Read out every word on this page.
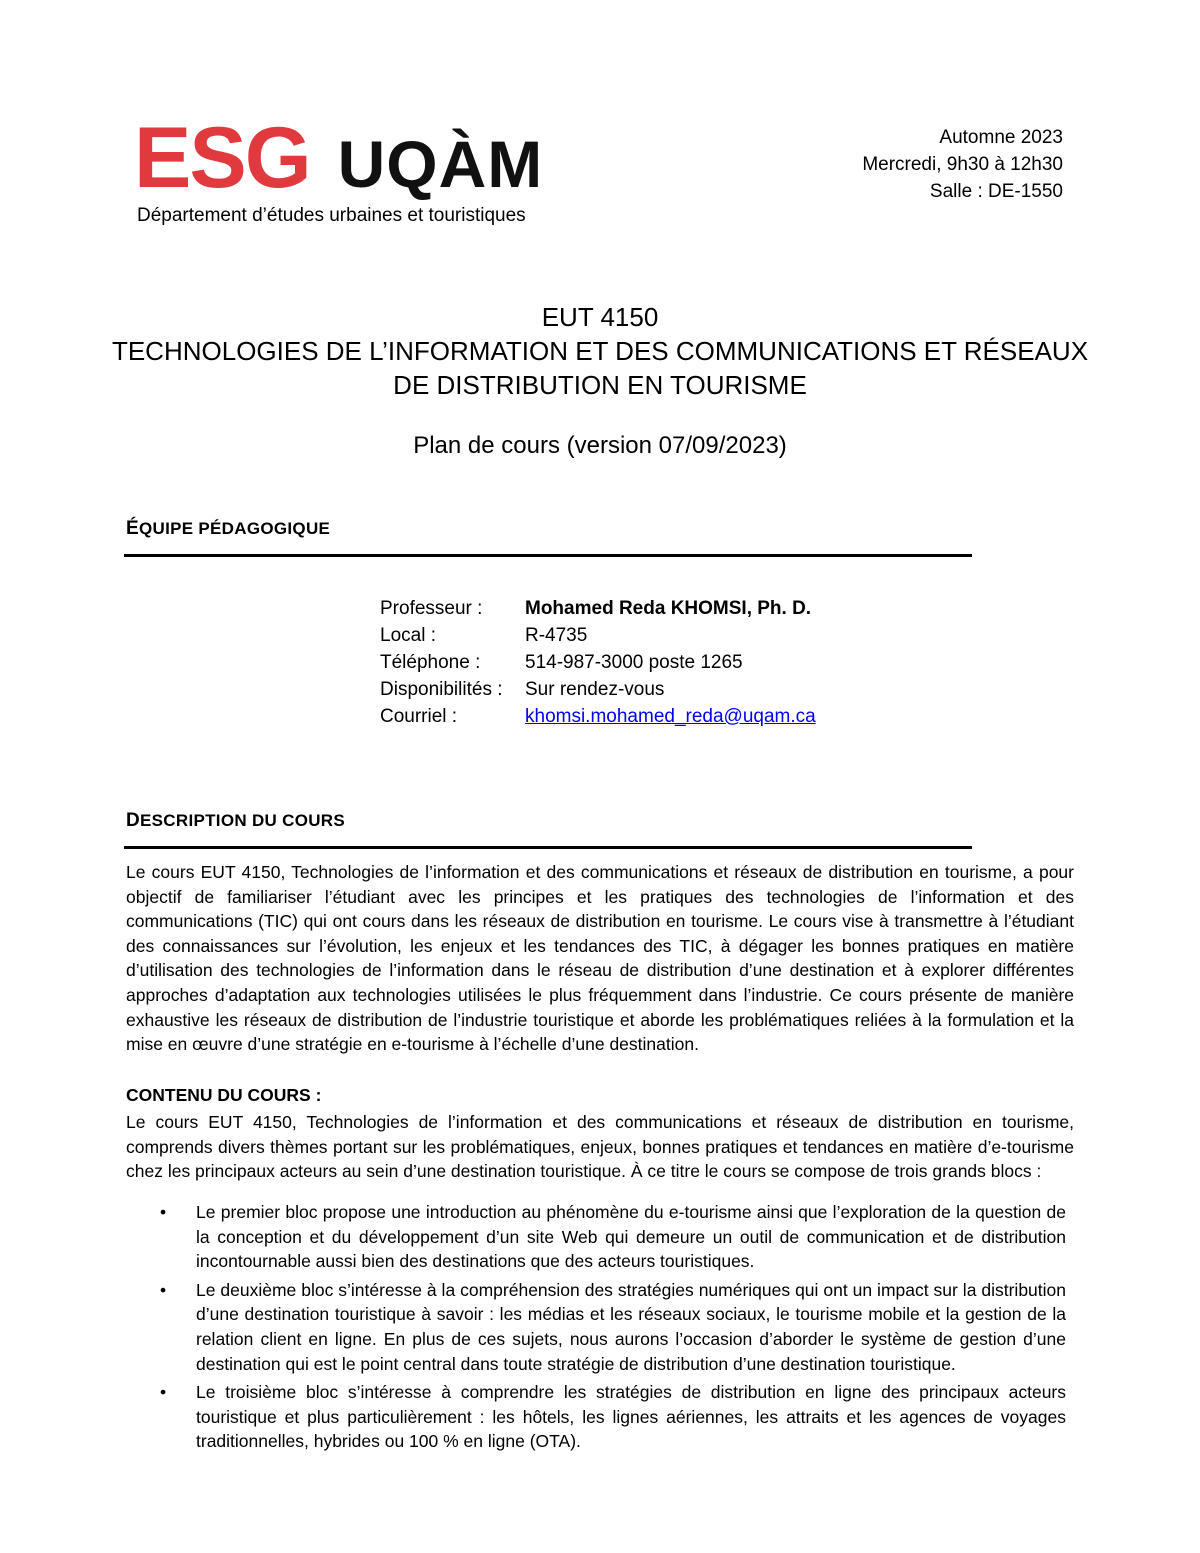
ESG UQÀM
Département d’études urbaines et touristiques
Automne 2023
Mercredi, 9h30 à 12h30
Salle : DE-1550
EUT 4150
TECHNOLOGIES DE L’INFORMATION ET DES COMMUNICATIONS ET RÉSEAUX
DE DISTRIBUTION EN TOURISME
Plan de cours (version 07/09/2023)
ÉQUIPE PÉDAGOGIQUE
Professeur :	Mohamed Reda KHOMSI, Ph. D.
Local :	R-4735
Téléphone :	514-987-3000 poste 1265
Disponibilités :	Sur rendez-vous
Courriel :	khomsi.mohamed_reda@uqam.ca
DESCRIPTION DU COURS
Le cours EUT 4150, Technologies de l’information et des communications et réseaux de distribution en tourisme, a pour objectif de familiariser l’étudiant avec les principes et les pratiques des technologies de l’information et des communications (TIC) qui ont cours dans les réseaux de distribution en tourisme. Le cours vise à transmettre à l’étudiant des connaissances sur l’évolution, les enjeux et les tendances des TIC, à dégager les bonnes pratiques en matière d’utilisation des technologies de l’information dans le réseau de distribution d’une destination et à explorer différentes approches d’adaptation aux technologies utilisées le plus fréquemment dans l’industrie. Ce cours présente de manière exhaustive les réseaux de distribution de l’industrie touristique et aborde les problématiques reliées à la formulation et la mise en œuvre d’une stratégie en e-tourisme à l’échelle d’une destination.
CONTENU DU COURS :
Le cours EUT 4150, Technologies de l’information et des communications et réseaux de distribution en tourisme, comprends divers thèmes portant sur les problématiques, enjeux, bonnes pratiques et tendances en matière d’e-tourisme chez les principaux acteurs au sein d’une destination touristique. À ce titre le cours se compose de trois grands blocs :
• Le premier bloc propose une introduction au phénomène du e-tourisme ainsi que l’exploration de la question de la conception et du développement d’un site Web qui demeure un outil de communication et de distribution incontournable aussi bien des destinations que des acteurs touristiques.
• Le deuxième bloc s’intéresse à la compréhension des stratégies numériques qui ont un impact sur la distribution d’une destination touristique à savoir : les médias et les réseaux sociaux, le tourisme mobile et la gestion de la relation client en ligne. En plus de ces sujets, nous aurons l’occasion d’aborder le système de gestion d’une destination qui est le point central dans toute stratégie de distribution d’une destination touristique.
• Le troisième bloc s’intéresse à comprendre les stratégies de distribution en ligne des principaux acteurs touristique et plus particulièrement : les hôtels, les lignes aériennes, les attraits et les agences de voyages traditionnelles, hybrides ou 100 % en ligne (OTA).
